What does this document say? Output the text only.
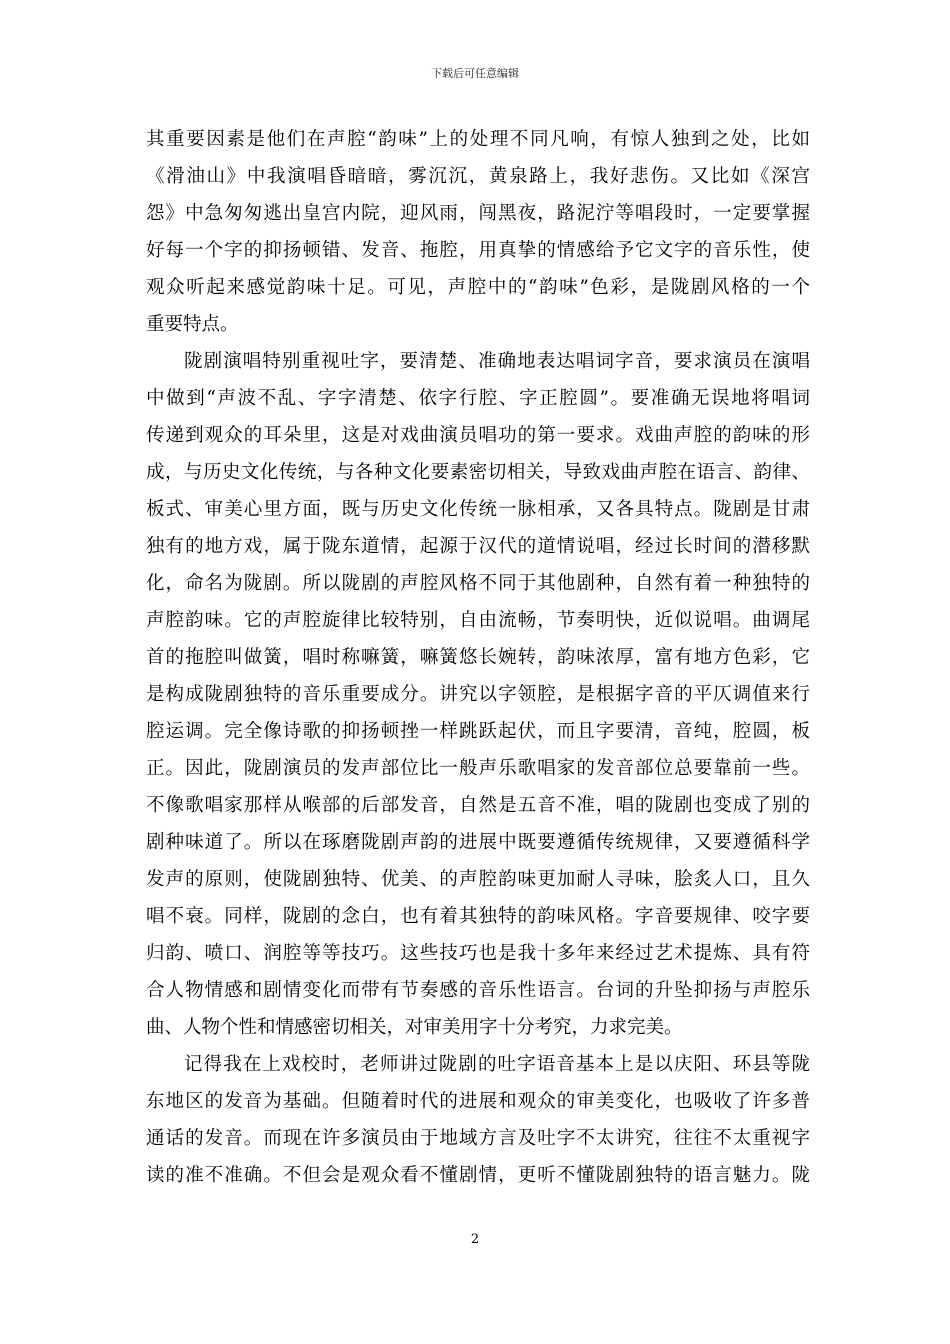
下载后可任意编辑
其重要因素是他们在声腔“韵味”上的处理不同凡响，有惊人独到之处，比如
《滑油山》中我演唱昏暗暗，雾沉沉，黄泉路上，我好悲伤。又比如《深宫
怨》中急匆匆逃出皇宫内院，迎风雨，闯黑夜，路泥泞等唱段时，一定要掌握
好每一个字的抑扬顿错、发音、拖腔，用真挚的情感给予它文字的音乐性，使
观众听起来感觉韵味十足。可见，声腔中的“韵味”色彩，是陇剧风格的一个
重要特点。
陇剧演唱特别重视吐字，要清楚、准确地表达唱词字音，要求演员在演唱
中做到“声波不乱、字字清楚、依字行腔、字正腔圆”。要准确无误地将唱词
传递到观众的耳朵里，这是对戏曲演员唱功的第一要求。戏曲声腔的韵味的形
成，与历史文化传统，与各种文化要素密切相关，导致戏曲声腔在语言、韵律、
板式、审美心里方面，既与历史文化传统一脉相承，又各具特点。陇剧是甘肃
独有的地方戏，属于陇东道情，起源于汉代的道情说唱，经过长时间的潜移默
化，命名为陇剧。所以陇剧的声腔风格不同于其他剧种，自然有着一种独特的
声腔韵味。它的声腔旋律比较特别，自由流畅，节奏明快，近似说唱。曲调尾
首的拖腔叫做簧，唱时称嘛簧，嘛簧悠长婉转，韵味浓厚，富有地方色彩，它
是构成陇剧独特的音乐重要成分。讲究以字领腔，是根据字音的平仄调值来行
腔运调。完全像诗歌的抑扬顿挫一样跳跃起伏，而且字要清，音纯，腔圆，板
正。因此，陇剧演员的发声部位比一般声乐歌唱家的发音部位总要靠前一些。
不像歌唱家那样从喉部的后部发音，自然是五音不准，唱的陇剧也变成了别的
剧种味道了。所以在琢磨陇剧声韵的进展中既要遵循传统规律，又要遵循科学
发声的原则，使陇剧独特、优美、的声腔韵味更加耐人寻味，脍炙人口，且久
唱不衰。同样，陇剧的念白，也有着其独特的韵味风格。字音要规律、咬字要
归韵、喷口、润腔等等技巧。这些技巧也是我十多年来经过艺术提炼、具有符
合人物情感和剧情变化而带有节奏感的音乐性语言。台词的升坠抑扬与声腔乐
曲、人物个性和情感密切相关，对审美用字十分考究，力求完美。
记得我在上戏校时，老师讲过陇剧的吐字语音基本上是以庆阳、环县等陇
东地区的发音为基础。但随着时代的进展和观众的审美变化，也吸收了许多普
通话的发音。而现在许多演员由于地域方言及吐字不太讲究，往往不太重视字
读的准不准确。不但会是观众看不懂剧情，更听不懂陇剧独特的语言魅力。陇
2
